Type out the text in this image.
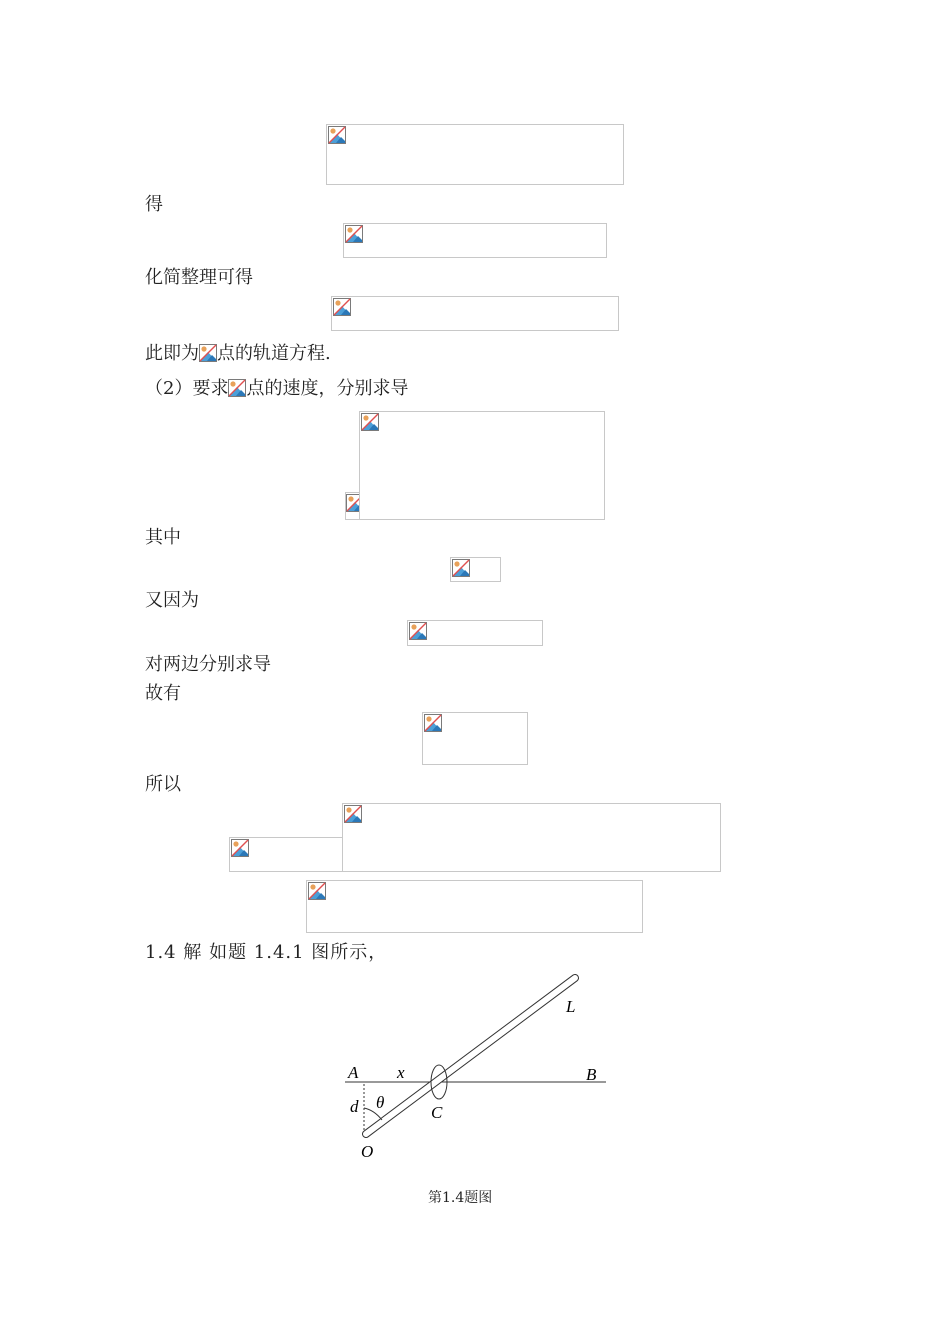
得
化简整理可得
此即为 点的轨道方程.
（2）要求 点的速度，分别求导
其中
又因为
对两边分别求导
故有
所以
1.4 解 如题 1.4.1 图所示，
A x	B
L
d θ
C
O
第1.4题图
